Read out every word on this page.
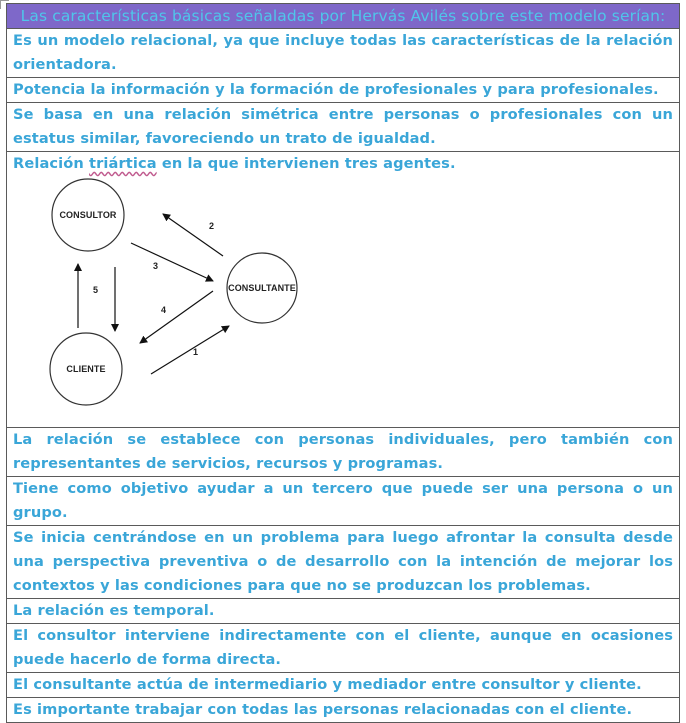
Las características básicas señaladas por Hervás Avilés sobre este modelo serían:
Es un modelo relacional, ya que incluye todas las características de la relación orientadora.
Potencia la información y la formación de profesionales y para profesionales.
Se basa en una relación simétrica entre personas o profesionales con un estatus similar, favoreciendo un trato de igualdad.
Relación triártica en la que intervienen tres agentes.
CONSULTOR
CONSULTANTE
CLIENTE
2
3
4
1
5
La relación se establece con personas individuales, pero también con representantes de servicios, recursos y programas.
Tiene como objetivo ayudar a un tercero que puede ser una persona o un grupo.
Se inicia centrándose en un problema para luego afrontar la consulta desde una perspectiva preventiva o de desarrollo con la intención de mejorar los contextos y las condiciones para que no se produzcan los problemas.
La relación es temporal.
El consultor interviene indirectamente con el cliente, aunque en ocasiones puede hacerlo de forma directa.
El consultante actúa de intermediario y mediador entre consultor y cliente.
Es importante trabajar con todas las personas relacionadas con el cliente.
